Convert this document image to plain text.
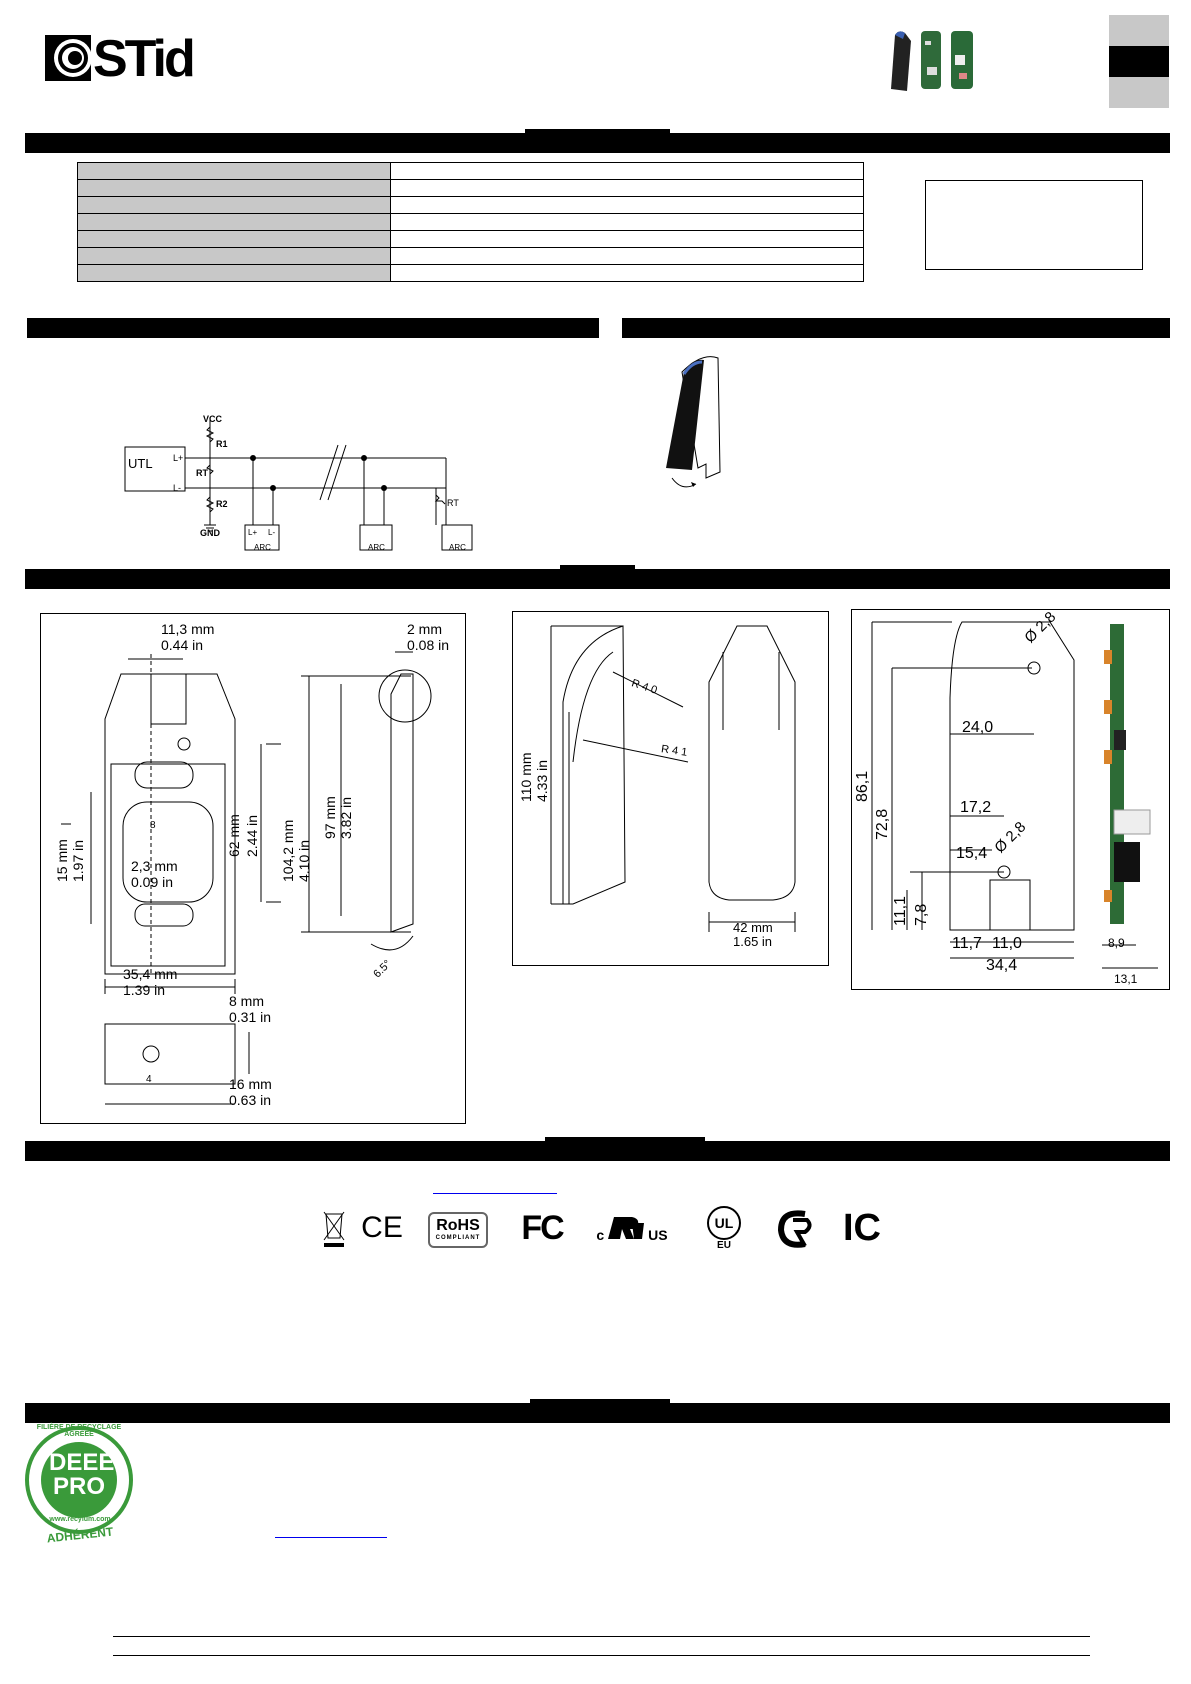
STid

UTL L+
L-
VCC
R1
RT
R2
GND	L+ L-
ARC	ARC	ARC
RT
11,3 mm
0.44 in
2 mm
0.08 in
15 mm 1.97 in	2,3 mm
0.09 in
8	62 mm 2.44 in 104,2 mm 4.10 in
97 mm 3.82 in
35,4 mm
1.39 in
8 mm
0.31 in
16 mm
0.63 in
4
6.5°
110 mm 4.33 in
R 4 0
R 4 1
42 mm
1.65 in
Ø 2,8
Ø 2,8
86,1
72,8
11,1 7,8
24,0
17,2
15,4
11,7 11,0
34,4
8,9
13,1
CE RoHS
COMPLIANT FC c	US
UL
EU	IC
DEEE
PRO
FILIÈRE DE RECYCLAGE AGRÉÉE
www.recylum.com
ADHÉRENT
